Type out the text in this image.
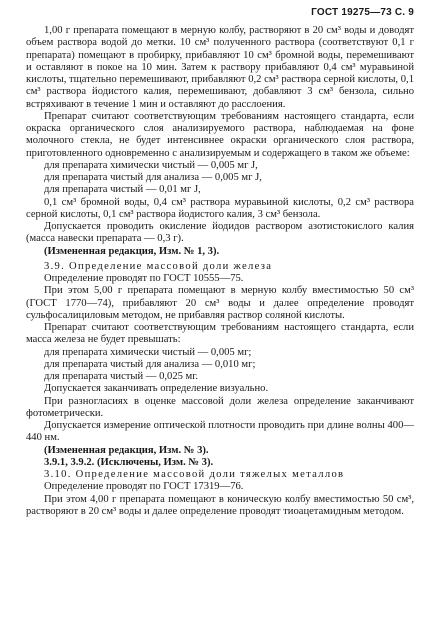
ГОСТ 19275—73 С. 9

1,00 г препарата помещают в мерную колбу, растворяют в 20 см³ воды и доводят объем раствора водой до метки. 10 см³ полученного раствора (соответствуют 0,1 г препарата) помещают в пробирку, прибавляют 10 см³ бромной воды, перемешивают и оставляют в покое на 10 мин. Затем к раствору прибавляют 0,4 см³ муравьиной кислоты, тщательно перемешивают, прибавляют 0,2 см³ раствора серной кислоты, 0,1 см³ раствора йодистого калия, перемешивают, добавляют 3 см³ бензола, сильно встряхивают в течение 1 мин и оставляют до расслоения.

Препарат считают соответствующим требованиям настоящего стандарта, если окраска органического слоя анализируемого раствора, наблюдаемая на фоне молочного стекла, не будет интенсивнее окраски органического слоя раствора, приготовленного одновременно с анализируемым и содержащего в таком же объеме:

для препарата химически чистый — 0,005 мг J,

для препарата чистый для анализа — 0,005 мг J,

для препарата чистый — 0,01 мг J,

0,1 см³ бромной воды, 0,4 см³ раствора муравьиной кислоты, 0,2 см³ раствора серной кислоты, 0,1 см³ раствора йодистого калия, 3 см³ бензола.

Допускается проводить окисление йодидов раствором азотистокислого калия (масса навески препарата — 0,3 г).

(Измененная редакция, Изм. № 1, 3).

3.9. Определение массовой доли железа

Определение проводят по ГОСТ 10555—75.

При этом 5,00 г препарата помещают в мерную колбу вместимостью 50 см³ (ГОСТ 1770—74), прибавляют 20 см³ воды и далее определение проводят сульфосалициловым методом, не прибавляя раствор соляной кислоты.

Препарат считают соответствующим требованиям настоящего стандарта, если масса железа не будет превышать:

для препарата химически чистый — 0,005 мг;

для препарата чистый для анализа — 0,010 мг;

для препарата чистый — 0,025 мг.

Допускается заканчивать определение визуально.

При разногласиях в оценке массовой доли железа определение заканчивают фотометрически.

Допускается измерение оптической плотности проводить при длине волны 400—440 нм.

(Измененная редакция, Изм. № 3).

3.9.1, 3.9.2. (Исключены, Изм. № 3).

3.10. Определение массовой доли тяжелых металлов

Определение проводят по ГОСТ 17319—76.

При этом 4,00 г препарата помещают в коническую колбу вместимостью 50 см³, растворяют в 20 см³ воды и далее определение проводят тиоацетамидным методом.
